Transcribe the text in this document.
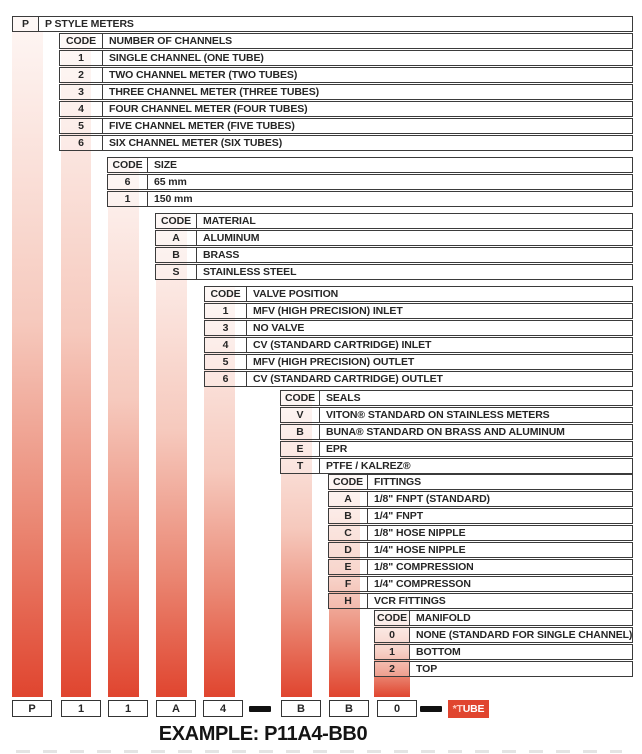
P	P STYLE METERS
CODE	NUMBER OF CHANNELS
1	SINGLE CHANNEL (ONE TUBE)
2	TWO CHANNEL METER (TWO TUBES)
3	THREE CHANNEL METER (THREE TUBES)
4	FOUR CHANNEL METER (FOUR TUBES)
5	FIVE CHANNEL METER (FIVE TUBES)
6	SIX CHANNEL METER (SIX TUBES)
CODE	SIZE
6	65 mm
1	150 mm
CODE	MATERIAL
A	ALUMINUM
B	BRASS
S	STAINLESS STEEL
CODE	VALVE POSITION
1	MFV (HIGH PRECISION) INLET
3	NO VALVE
4	CV (STANDARD CARTRIDGE) INLET
5	MFV (HIGH PRECISION) OUTLET
6	CV (STANDARD CARTRIDGE) OUTLET
CODE	SEALS
V	VITON® STANDARD ON STAINLESS METERS
B	BUNA® STANDARD ON BRASS AND ALUMINUM
E	EPR
T	PTFE / KALREZ®
CODE	FITTINGS
A	1/8" FNPT (STANDARD)
B	1/4" FNPT
C	1/8" HOSE NIPPLE
D	1/4" HOSE NIPPLE
E	1/8" COMPRESSION
F	1/4" COMPRESSON
H	VCR FITTINGS
CODE MANIFOLD
0	NONE (STANDARD FOR SINGLE CHANNEL)
1	BOTTOM
2	TOP
P	1	1	A	4	B	B	0	*TUBE
EXAMPLE: P11A4-BB0
